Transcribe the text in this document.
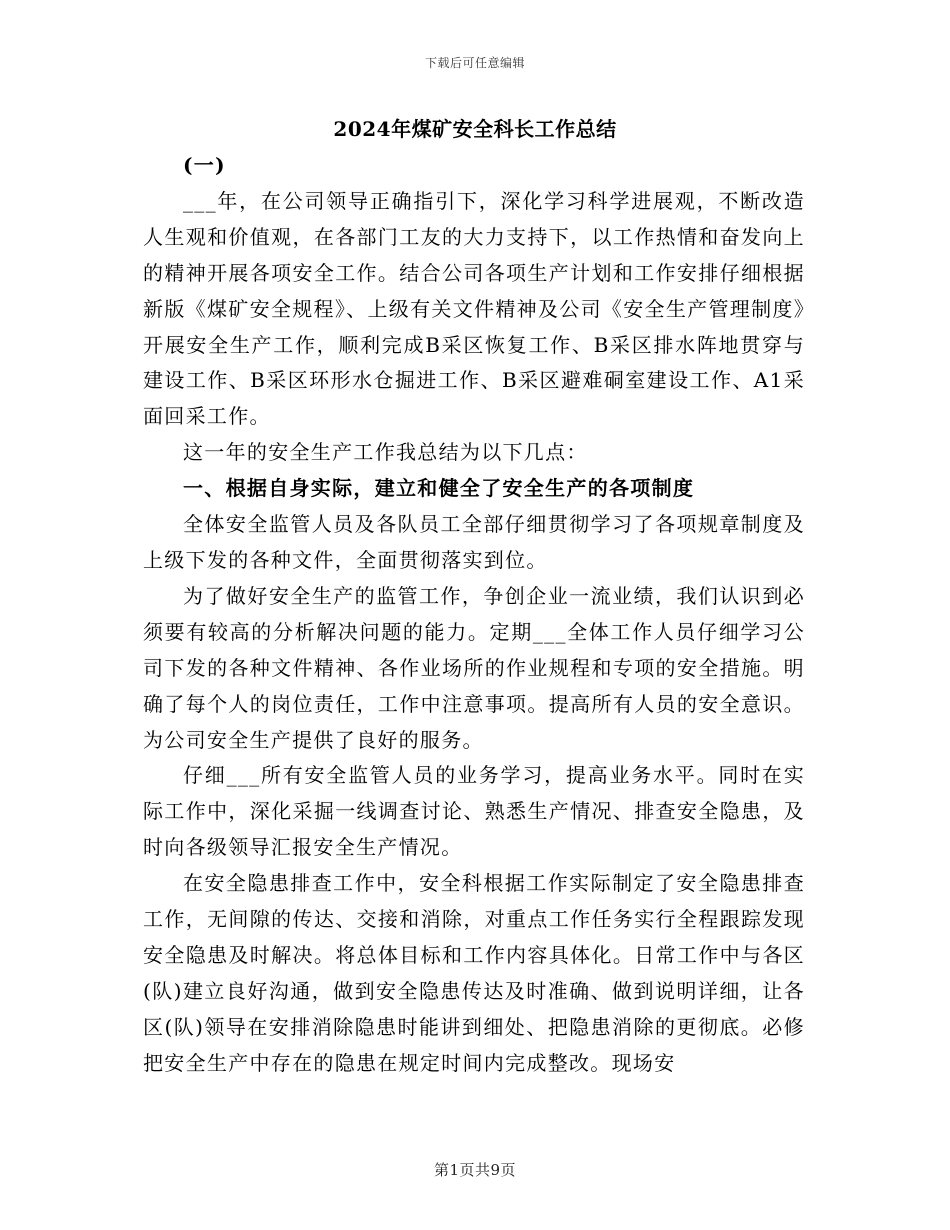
下载后可任意编辑
2024年煤矿安全科长工作总结

(一)

___年，在公司领导正确指引下，深化学习科学进展观，不断改造人生观和价值观，在各部门工友的大力支持下，以工作热情和奋发向上的精神开展各项安全工作。结合公司各项生产计划和工作安排仔细根据新版《煤矿安全规程》、上级有关文件精神及公司《安全生产管理制度》开展安全生产工作，顺利完成B采区恢复工作、B采区排水阵地贯穿与建设工作、B采区环形水仓掘进工作、B采区避难硐室建设工作、A1采面回采工作。

这一年的安全生产工作我总结为以下几点：

一、根据自身实际，建立和健全了安全生产的各项制度

全体安全监管人员及各队员工全部仔细贯彻学习了各项规章制度及上级下发的各种文件，全面贯彻落实到位。

为了做好安全生产的监管工作，争创企业一流业绩，我们认识到必须要有较高的分析解决问题的能力。定期___全体工作人员仔细学习公司下发的各种文件精神、各作业场所的作业规程和专项的安全措施。明确了每个人的岗位责任，工作中注意事项。提高所有人员的安全意识。为公司安全生产提供了良好的服务。

仔细___所有安全监管人员的业务学习，提高业务水平。同时在实际工作中，深化采掘一线调查讨论、熟悉生产情况、排查安全隐患，及时向各级领导汇报安全生产情况。

在安全隐患排查工作中，安全科根据工作实际制定了安全隐患排查工作，无间隙的传达、交接和消除，对重点工作任务实行全程跟踪发现安全隐患及时解决。将总体目标和工作内容具体化。日常工作中与各区(队)建立良好沟通，做到安全隐患传达及时准确、做到说明详细，让各区(队)领导在安排消除隐患时能讲到细处、把隐患消除的更彻底。必修把安全生产中存在的隐患在规定时间内完成整改。现场安

第1页共9页
